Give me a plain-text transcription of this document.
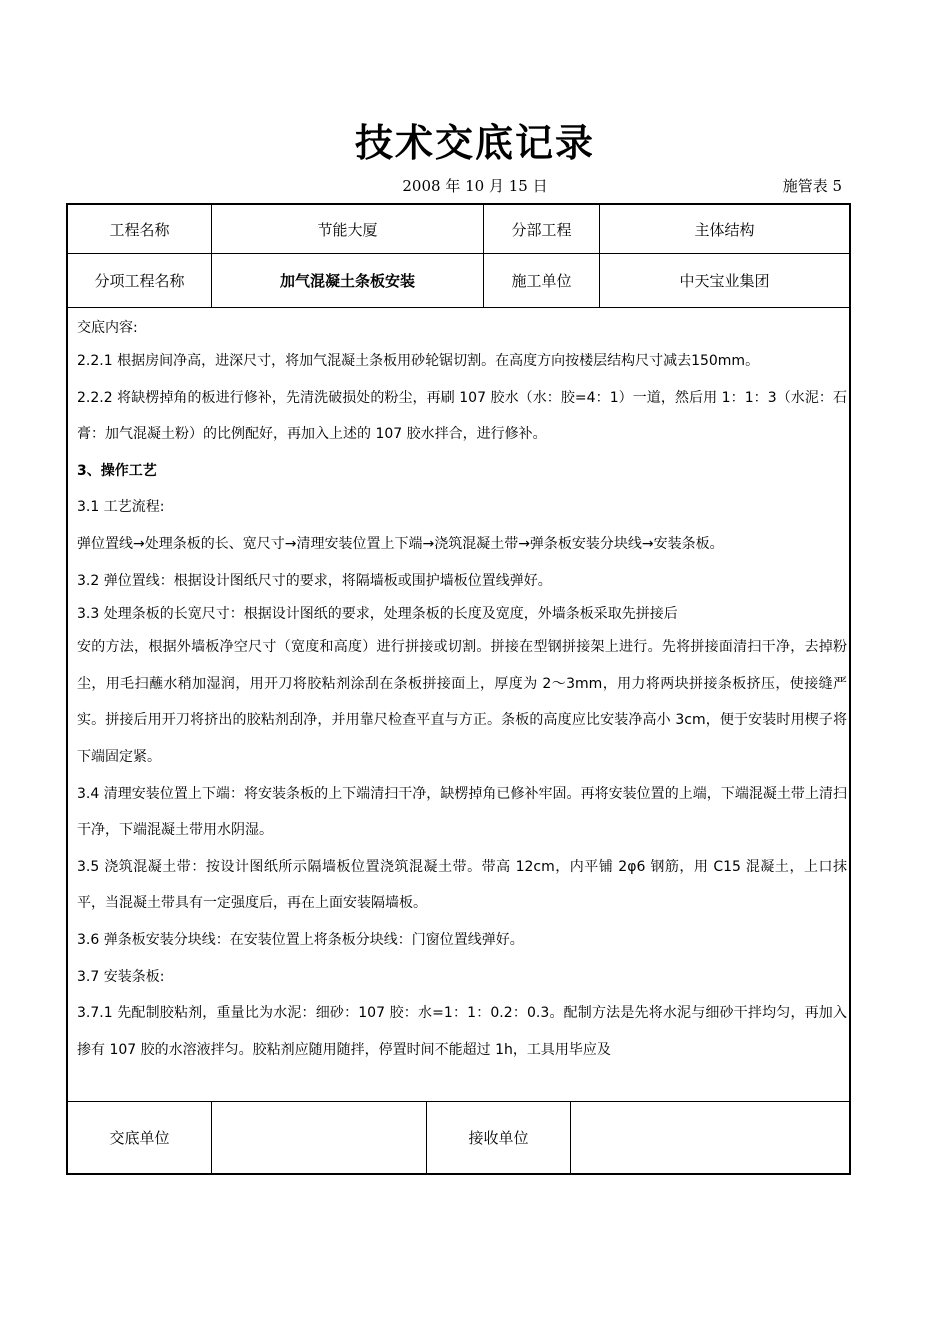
技术交底记录
2008 年 10 月 15 日	施管表 5
工程名称	节能大厦	分部工程	主体结构
分项工程名称	加气混凝土条板安装	施工单位	中天宝业集团

交底内容:

2.2.1 根据房间净高，进深尺寸，将加气混凝土条板用砂轮锯切割。在高度方向按楼层结构尺寸减去150mm。

2.2.2 将缺楞掉角的板进行修补，先清洗破损处的粉尘，再刷 107 胶水（水：胶=4：1）一道，然后用 1：1：3（水泥：石膏：加气混凝土粉）的比例配好，再加入上述的 107 胶水拌合，进行修补。

3、操作工艺

3.1 工艺流程:

弹位置线→处理条板的长、宽尺寸→清理安装位置上下端→浇筑混凝土带→弹条板安装分块线→安装条板。

3.2 弹位置线：根据设计图纸尺寸的要求，将隔墙板或围护墙板位置线弹好。

3.3 处理条板的长宽尺寸：根据设计图纸的要求，处理条板的长度及宽度，外墙条板采取先拼接后

安的方法，根据外墙板净空尺寸（宽度和高度）进行拼接或切割。拼接在型钢拼接架上进行。先将拼接面清扫干净，去掉粉尘，用毛扫蘸水稍加湿润，用开刀将胶粘剂涂刮在条板拼接面上，厚度为 2～3mm，用力将两块拼接条板挤压，使接缝严实。拼接后用开刀将挤出的胶粘剂刮净，并用靠尺检查平直与方正。条板的高度应比安装净高小 3cm，便于安装时用楔子将下端固定紧。

3.4 清理安装位置上下端：将安装条板的上下端清扫干净，缺楞掉角已修补牢固。再将安装位置的上端，下端混凝土带上清扫干净，下端混凝土带用水阴湿。

3.5 浇筑混凝土带：按设计图纸所示隔墙板位置浇筑混凝土带。带高 12cm，内平铺 2φ6 钢筋，用 C15 混凝土，上口抹平，当混凝土带具有一定强度后，再在上面安装隔墙板。

3.6 弹条板安装分块线：在安装位置上将条板分块线：门窗位置线弹好。

3.7 安装条板:

3.7.1 先配制胶粘剂，重量比为水泥：细砂：107 胶：水=1：1：0.2：0.3。配制方法是先将水泥与细砂干拌均匀，再加入掺有 107 胶的水溶液拌匀。胶粘剂应随用随拌，停置时间不能超过 1h，工具用毕应及

交底单位	接收单位
